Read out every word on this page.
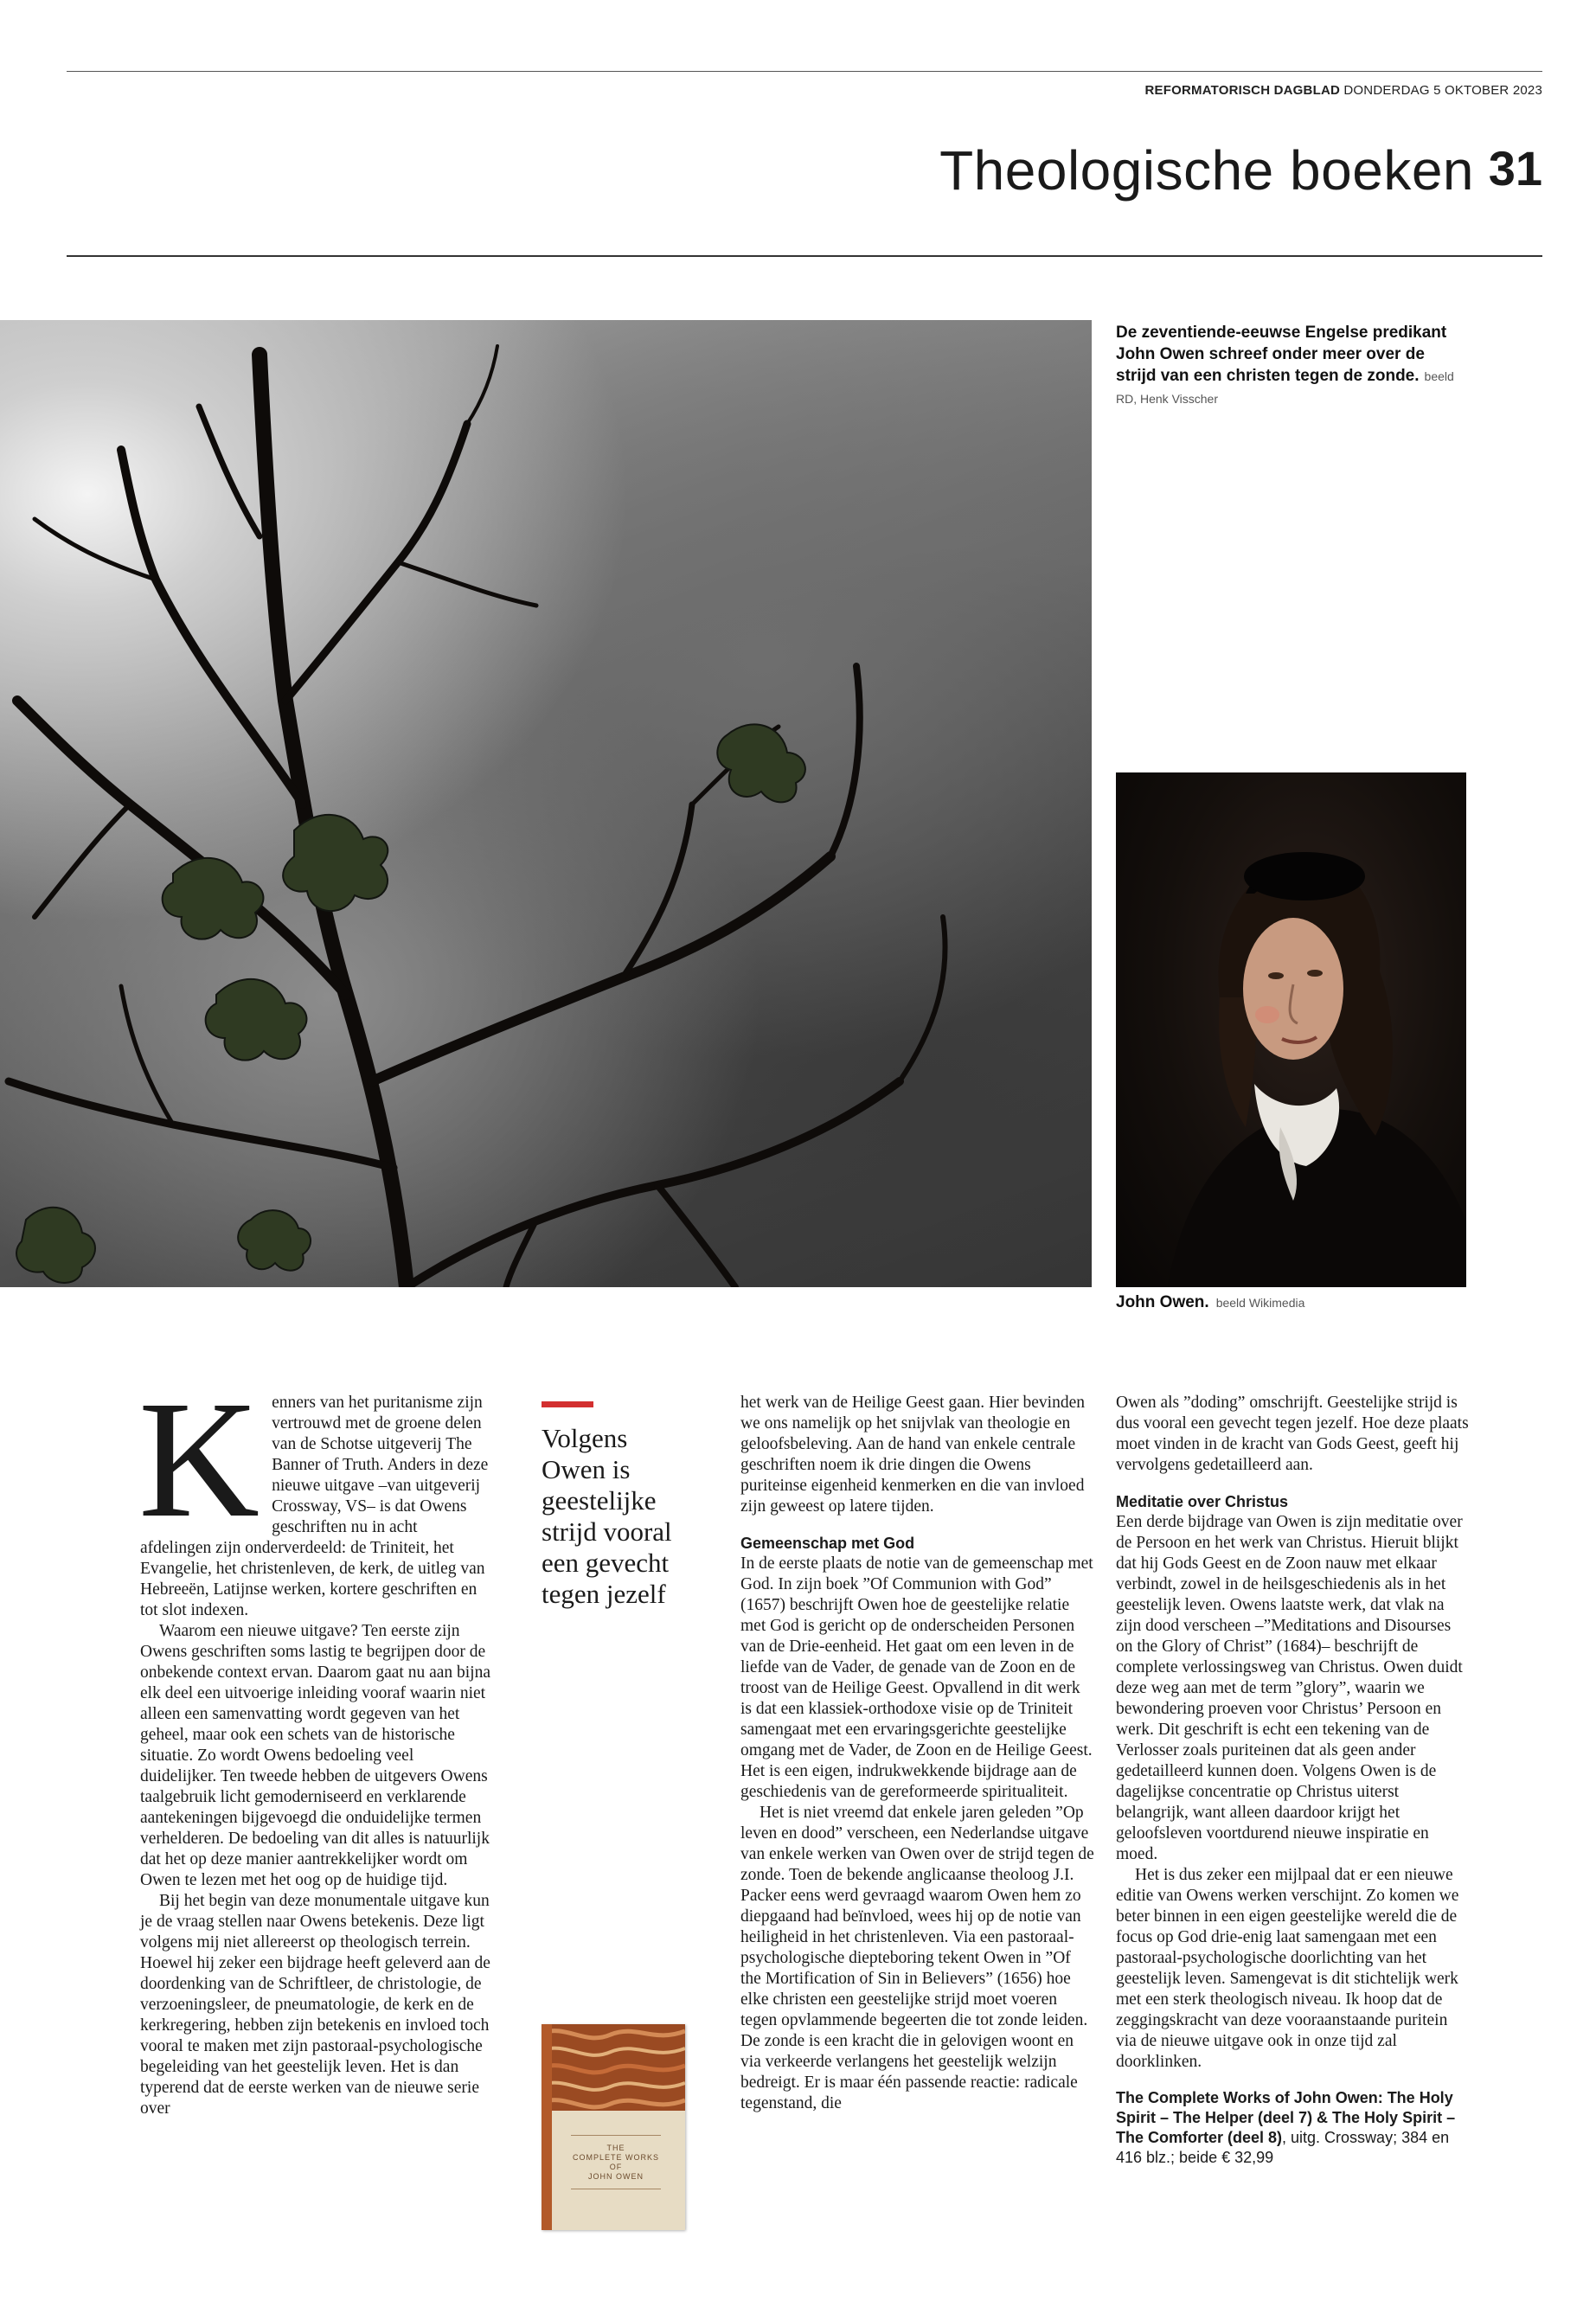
REFORMATORISCH DAGBLAD DONDERDAG 5 OKTOBER 2023
Theologische boeken 31
De zeventiende-eeuwse Engelse predikant John Owen schreef onder meer over de strijd van een christen tegen de zonde. beeld RD, Henk Visscher
John Owen. beeld Wikimedia
K enners van het puritanisme zijn vertrouwd met de groene delen van de Schotse uitgeverij The Banner of Truth. Anders in deze nieuwe uitgave –van uitgeverij Crossway, VS– is dat Owens geschriften nu in acht afdelingen zijn onderverdeeld: de Triniteit, het Evangelie, het christenleven, de kerk, de uitleg van Hebreeën, Latijnse werken, kortere geschriften en tot slot indexen.

Waarom een nieuwe uitgave? Ten eerste zijn Owens geschriften soms lastig te begrijpen door de onbekende context ervan. Daarom gaat nu aan bijna elk deel een uitvoerige inleiding vooraf waarin niet alleen een samenvatting wordt gegeven van het geheel, maar ook een schets van de historische situatie. Zo wordt Owens bedoeling veel duidelijker. Ten tweede hebben de uitgevers Owens taalgebruik licht gemoderniseerd en verklarende aantekeningen bijgevoegd die onduidelijke termen verhelderen. De bedoeling van dit alles is natuurlijk dat het op deze manier aantrekkelijker wordt om Owen te lezen met het oog op de huidige tijd.

Bij het begin van deze monumentale uitgave kun je de vraag stellen naar Owens betekenis. Deze ligt volgens mij niet allereerst op theologisch terrein. Hoewel hij zeker een bijdrage heeft geleverd aan de doordenking van de Schriftleer, de christologie, de verzoeningsleer, de pneumatologie, de kerk en de kerkregering, hebben zijn betekenis en invloed toch vooral te maken met zijn pastoraal-psychologische begeleiding van het geestelijk leven. Het is dan typerend dat de eerste werken van de nieuwe serie over

Volgens Owen is geestelijke strijd vooral een gevecht tegen jezelf
THE
COMPLETE WORKS
OF
JOHN OWEN

het werk van de Heilige Geest gaan. Hier bevinden we ons namelijk op het snijvlak van theologie en geloofsbeleving. Aan de hand van enkele centrale geschriften noem ik drie dingen die Owens puriteinse eigenheid kenmerken en die van invloed zijn geweest op latere tijden.

Gemeenschap met God

In de eerste plaats de notie van de gemeenschap met God. In zijn boek ”Of Communion with God” (1657) beschrijft Owen hoe de geestelijke relatie met God is gericht op de onderscheiden Personen van de Drie-eenheid. Het gaat om een leven in de liefde van de Vader, de genade van de Zoon en de troost van de Heilige Geest. Opvallend in dit werk is dat een klassiek-orthodoxe visie op de Triniteit samengaat met een ervaringsgerichte geestelijke omgang met de Vader, de Zoon en de Heilige Geest. Het is een eigen, indrukwekkende bijdrage aan de geschiedenis van de gereformeerde spiritualiteit.

Het is niet vreemd dat enkele jaren geleden ”Op leven en dood” verscheen, een Nederlandse uitgave van enkele werken van Owen over de strijd tegen de zonde. Toen de bekende anglicaanse theoloog J.I. Packer eens werd gevraagd waarom Owen hem zo diepgaand had beïnvloed, wees hij op de notie van heiligheid in het christenleven. Via een pastoraal-psychologische diepteboring tekent Owen in ”Of the Mortification of Sin in Believers” (1656) hoe elke christen een geestelijke strijd moet voeren tegen opvlammende begeerten die tot zonde leiden. De zonde is een kracht die in gelovigen woont en via verkeerde verlangens het geestelijk welzijn bedreigt. Er is maar één passende reactie: radicale tegenstand, die

Owen als ”doding” omschrijft. Geestelijke strijd is dus vooral een gevecht tegen jezelf. Hoe deze plaats moet vinden in de kracht van Gods Geest, geeft hij vervolgens gedetailleerd aan.

Meditatie over Christus

Een derde bijdrage van Owen is zijn meditatie over de Persoon en het werk van Christus. Hieruit blijkt dat hij Gods Geest en de Zoon nauw met elkaar verbindt, zowel in de heilsgeschiedenis als in het geestelijk leven. Owens laatste werk, dat vlak na zijn dood verscheen –”Meditations and Disourses on the Glory of Christ” (1684)– beschrijft de complete verlossingsweg van Christus. Owen duidt deze weg aan met de term ”glory”, waarin we bewondering proeven voor Christus’ Persoon en werk. Dit geschrift is echt een tekening van de Verlosser zoals puriteinen dat als geen ander gedetailleerd kunnen doen. Volgens Owen is de dagelijkse concentratie op Christus uiterst belangrijk, want alleen daardoor krijgt het geloofsleven voortdurend nieuwe inspiratie en moed.

Het is dus zeker een mijlpaal dat er een nieuwe editie van Owens werken verschijnt. Zo komen we beter binnen in een eigen geestelijke wereld die de focus op God drie-enig laat samengaan met een pastoraal-psychologische doorlichting van het geestelijk leven. Samengevat is dit stichtelijk werk met een sterk theologisch niveau. Ik hoop dat de zeggingskracht van deze vooraanstaande puritein via de nieuwe uitgave ook in onze tijd zal doorklinken.

The Complete Works of John Owen: The Holy Spirit – The Helper (deel 7) & The Holy Spirit – The Comforter (deel 8), uitg. Crossway; 384 en 416 blz.; beide € 32,99
